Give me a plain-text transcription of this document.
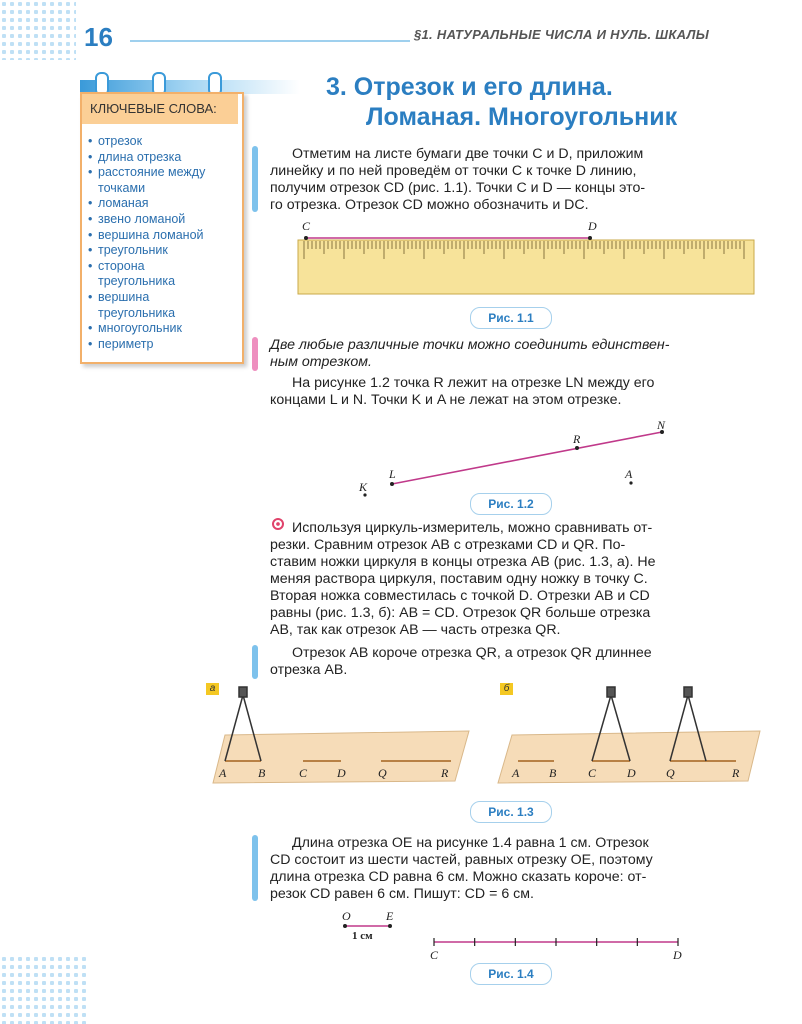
16	§1. НАТУРАЛЬНЫЕ ЧИСЛА И НУЛЬ. ШКАЛЫ
КЛЮЧЕВЫЕ СЛОВА:
• отрезок
• длина отрезка
• расстояние между точками
• ломаная
• звено ломаной
• вершина ломаной
• треугольник
• сторона треугольника
• вершина треугольника
• многоугольник
• периметр
3. Отрезок и его длина.
Ломаная. Многоугольник
Отметим на листе бумаги две точки C и D, приложим
линейку и по ней проведём от точки C к точке D линию,
получим отрезок CD (рис. 1.1). Точки C и D — концы это-
го отрезка. Отрезок CD можно обозначить и DC.
C	D
Рис. 1.1
Две любые различные точки можно соединить единствен-
ным отрезком.
На рисунке 1.2 точка R лежит на отрезке LN между его
концами L и N. Точки K и A не лежат на этом отрезке.
L
N
R
K
A
Рис. 1.2
Используя циркуль-измеритель, можно сравнивать от-
резки. Сравним отрезок AB с отрезками CD и QR. По-
ставим ножки циркуля в концы отрезка AB (рис. 1.3, а). Не
меняя раствора циркуля, поставим одну ножку в точку C.
Вторая ножка совместилась с точкой D. Отрезки AB и CD
равны (рис. 1.3, б): AB = CD. Отрезок QR больше отрезка
AB, так как отрезок AB — часть отрезка QR.
Отрезок AB короче отрезка QR, а отрезок QR длиннее
отрезка AB.
а	б
A	B	C D	Q	R	A B	C	D	Q	R
Рис. 1.3
Длина отрезка OE на рисунке 1.4 равна 1 см. Отрезок
CD состоит из шести частей, равных отрезку OE, поэтому
длина отрезка CD равна 6 см. Можно сказать короче: от-
резок CD равен 6 см. Пишут: CD = 6 см.
O	E
1 см
C	D
Рис. 1.4
